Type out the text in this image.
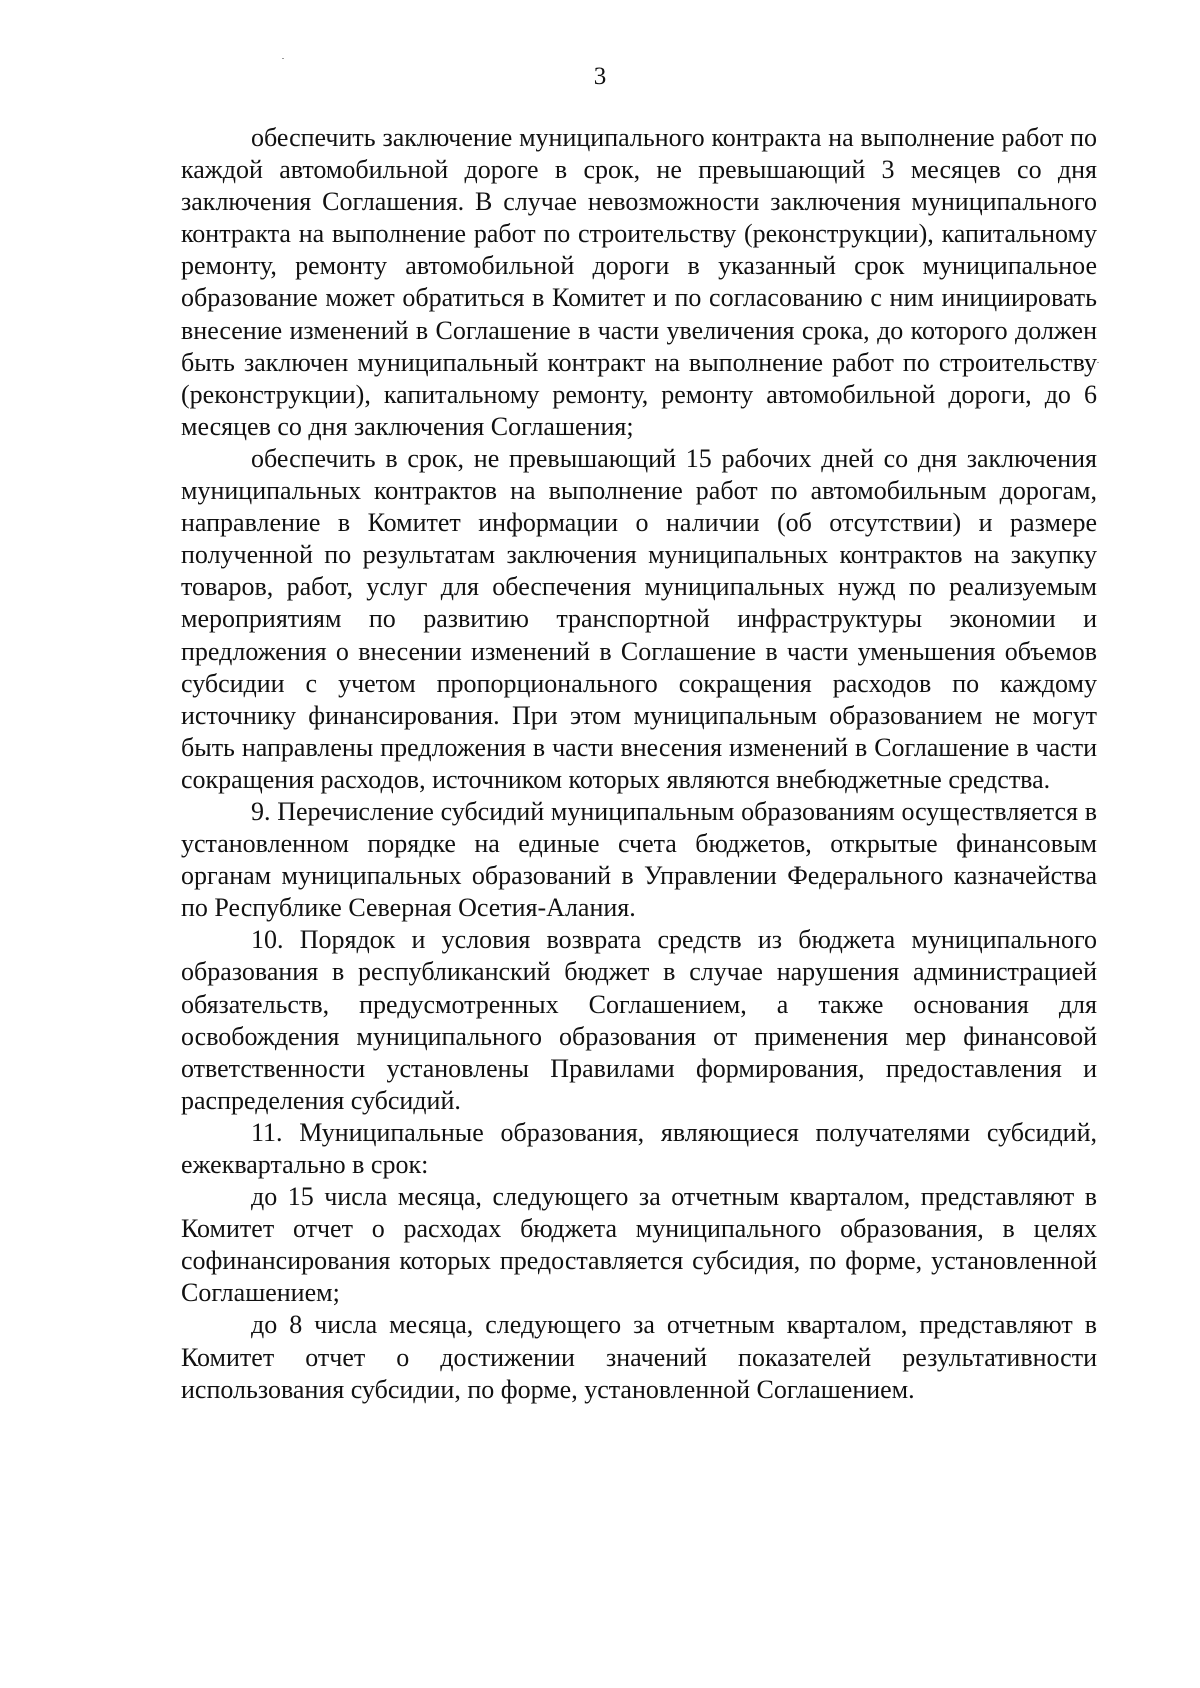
3

обеспечить заключение муниципального контракта на выполнение работ по каждой автомобильной дороге в срок, не превышающий 3 месяцев со дня заключения Соглашения. В случае невозможности заключения муниципального контракта на выполнение работ по строительству (реконструкции), капитальному ремонту, ремонту автомобильной дороги в указанный срок муниципальное образование может обратиться в Комитет и по согласованию с ним инициировать внесение изменений в Соглашение в части увеличения срока, до которого должен быть заключен муниципальный контракт на выполнение работ по строительству (реконструкции), капитальному ремонту, ремонту автомобильной дороги, до 6 месяцев со дня заключения Соглашения;

обеспечить в срок, не превышающий 15 рабочих дней со дня заключения муниципальных контрактов на выполнение работ по автомобильным дорогам, направление в Комитет информации о наличии (об отсутствии) и размере полученной по результатам заключения муниципальных контрактов на закупку товаров, работ, услуг для обеспечения муниципальных нужд по реализуемым мероприятиям по развитию транспортной инфраструктуры экономии и предложения о внесении изменений в Соглашение в части уменьшения объемов субсидии с учетом пропорционального сокращения расходов по каждому источнику финансирования. При этом муниципальным образованием не могут быть направлены предложения в части внесения изменений в Соглашение в части сокращения расходов, источником которых являются внебюджетные средства.

9. Перечисление субсидий муниципальным образованиям осуществляется в установленном порядке на единые счета бюджетов, открытые финансовым органам муниципальных образований в Управлении Федерального казначейства по Республике Северная Осетия-Алания.

10. Порядок и условия возврата средств из бюджета муниципального образования в республиканский бюджет в случае нарушения администрацией обязательств, предусмотренных Соглашением, а также основания для освобождения муниципального образования от применения мер финансовой ответственности установлены Правилами формирования, предоставления и распределения субсидий.

11. Муниципальные образования, являющиеся получателями субсидий, ежеквартально в срок:

до 15 числа месяца, следующего за отчетным кварталом, представляют в Комитет отчет о расходах бюджета муниципального образования, в целях софинансирования которых предоставляется субсидия, по форме, установленной Соглашением;

до 8 числа месяца, следующего за отчетным кварталом, представляют в Комитет отчет о достижении значений показателей результативности использования субсидии, по форме, установленной Соглашением.
